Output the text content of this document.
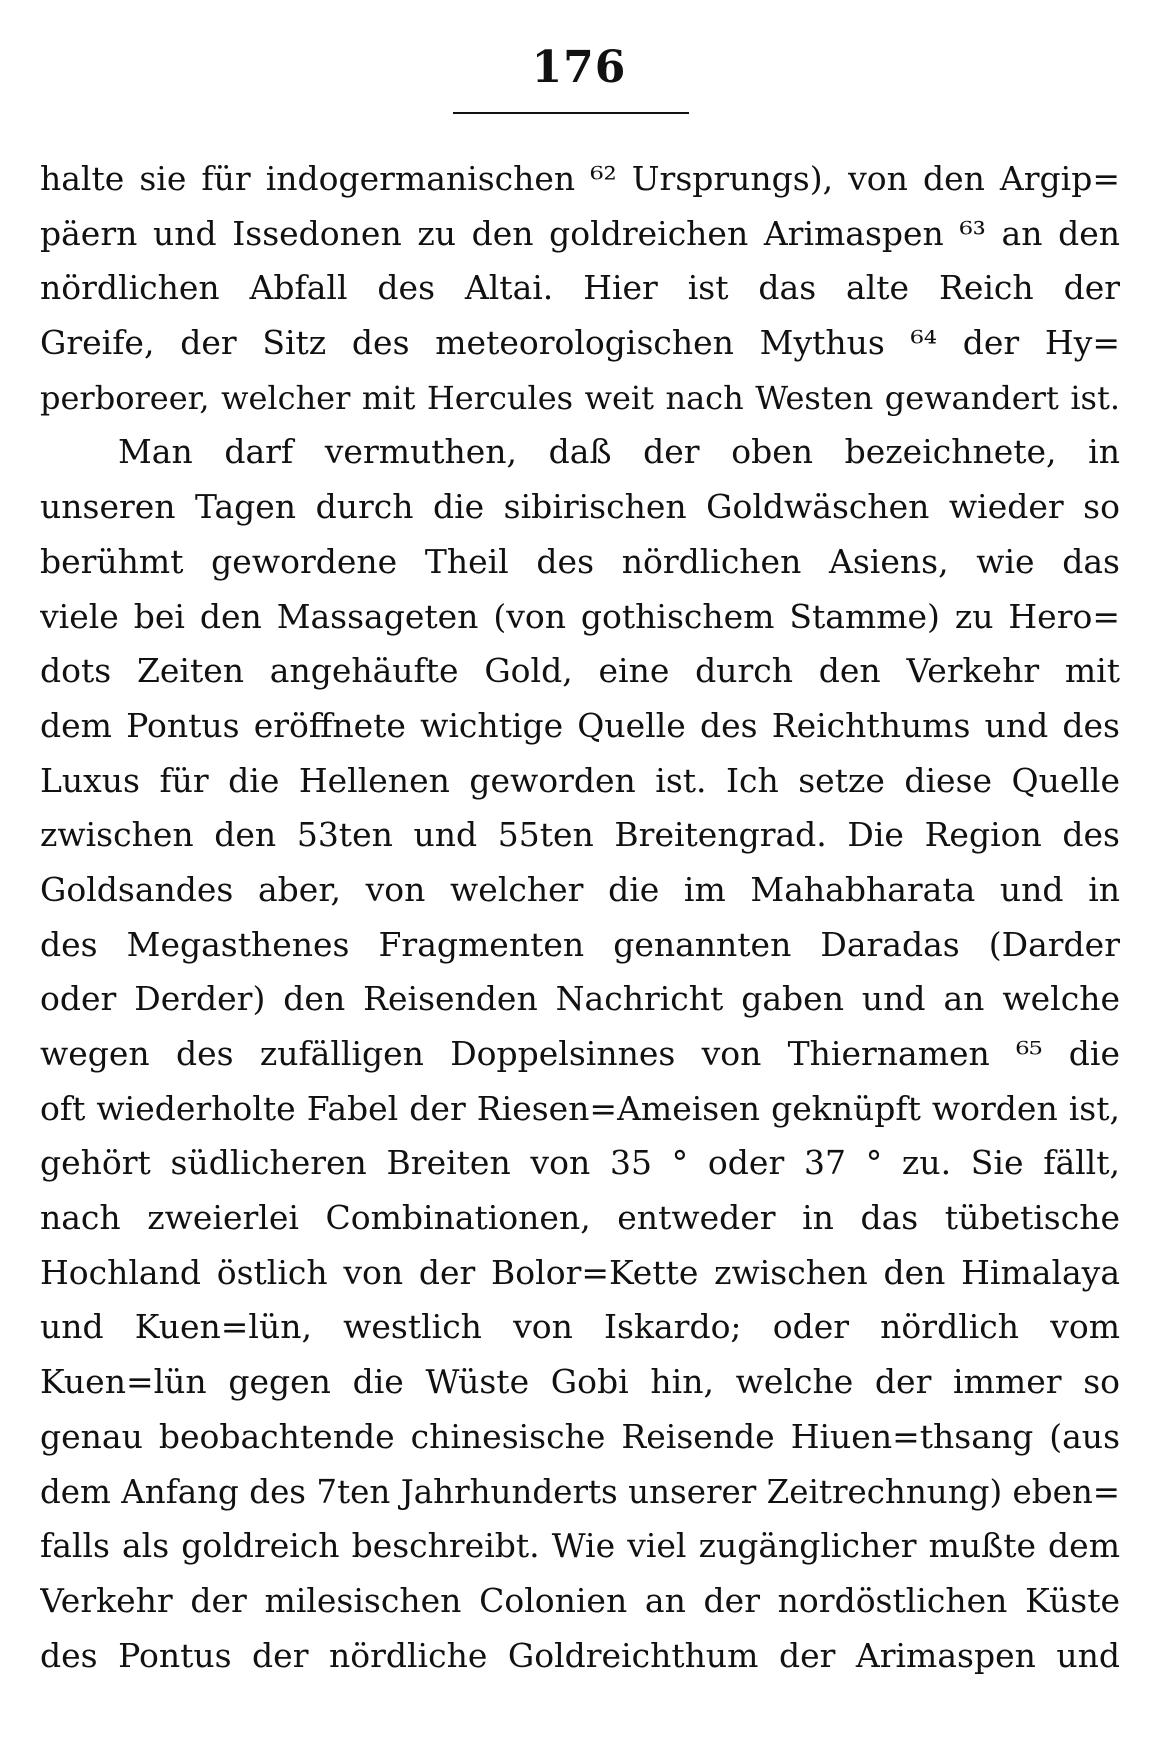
176
halte sie für indogermanischen ⁶² Ursprungs), von den Argip=
päern und Issedonen zu den goldreichen Arimaspen ⁶³ an den
nördlichen Abfall des Altai. Hier ist das alte Reich der
Greife, der Sitz des meteorologischen Mythus ⁶⁴ der Hy=
perboreer, welcher mit Hercules weit nach Westen gewandert ist.
Man darf vermuthen, daß der oben bezeichnete, in
unseren Tagen durch die sibirischen Goldwäschen wieder so
berühmt gewordene Theil des nördlichen Asiens, wie das
viele bei den Massageten (von gothischem Stamme) zu Hero=
dots Zeiten angehäufte Gold, eine durch den Verkehr mit
dem Pontus eröffnete wichtige Quelle des Reichthums und des
Luxus für die Hellenen geworden ist. Ich setze diese Quelle
zwischen den 53ten und 55ten Breitengrad. Die Region des
Goldsandes aber, von welcher die im Mahabharata und in
des Megasthenes Fragmenten genannten Daradas (Darder
oder Derder) den Reisenden Nachricht gaben und an welche
wegen des zufälligen Doppelsinnes von Thiernamen ⁶⁵ die
oft wiederholte Fabel der Riesen=Ameisen geknüpft worden ist,
gehört südlicheren Breiten von 35 ° oder 37 ° zu. Sie fällt,
nach zweierlei Combinationen, entweder in das tübetische
Hochland östlich von der Bolor=Kette zwischen den Himalaya
und Kuen=lün, westlich von Iskardo; oder nördlich vom
Kuen=lün gegen die Wüste Gobi hin, welche der immer so
genau beobachtende chinesische Reisende Hiuen=thsang (aus
dem Anfang des 7ten Jahrhunderts unserer Zeitrechnung) eben=
falls als goldreich beschreibt. Wie viel zugänglicher mußte dem
Verkehr der milesischen Colonien an der nordöstlichen Küste
des Pontus der nördliche Goldreichthum der Arimaspen und
